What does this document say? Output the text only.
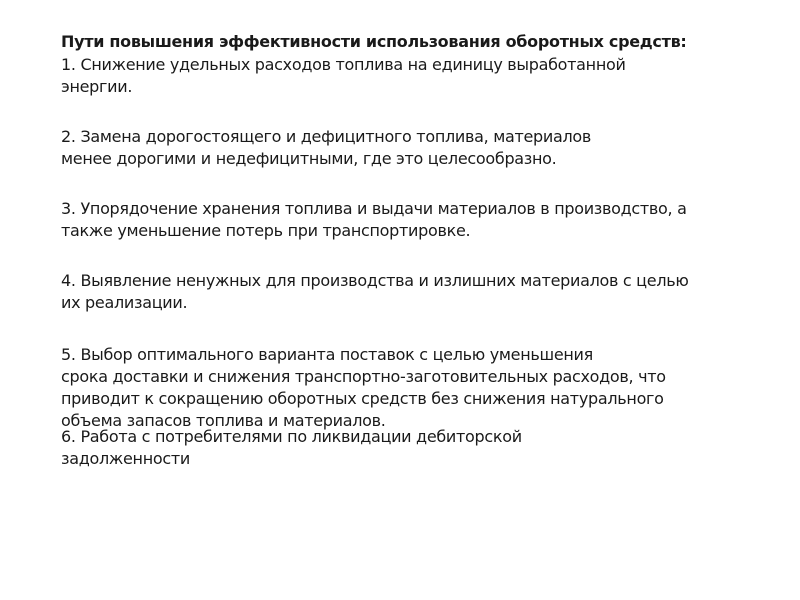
Пути повышения эффективности использования оборотных средств:
1. Снижение удельных расходов топлива на единицу выработанной
энергии.
2. Замена дорогостоящего и дефицитного топлива, материалов
менее дорогими и недефицитными, где это целесообразно.
3. Упорядочение хранения топлива и выдачи материалов в производство, а
также уменьшение потерь при транспортировке.
4. Выявление ненужных для производства и излишних материалов с целью
их реализации.
5. Выбор оптимального варианта поставок с целью уменьшения
срока доставки и снижения транспортно-заготовительных расходов, что
приводит к сокращению оборотных средств без снижения натурального
объема запасов топлива и материалов.
6. Работа с потребителями по ликвидации дебиторской
задолженности
